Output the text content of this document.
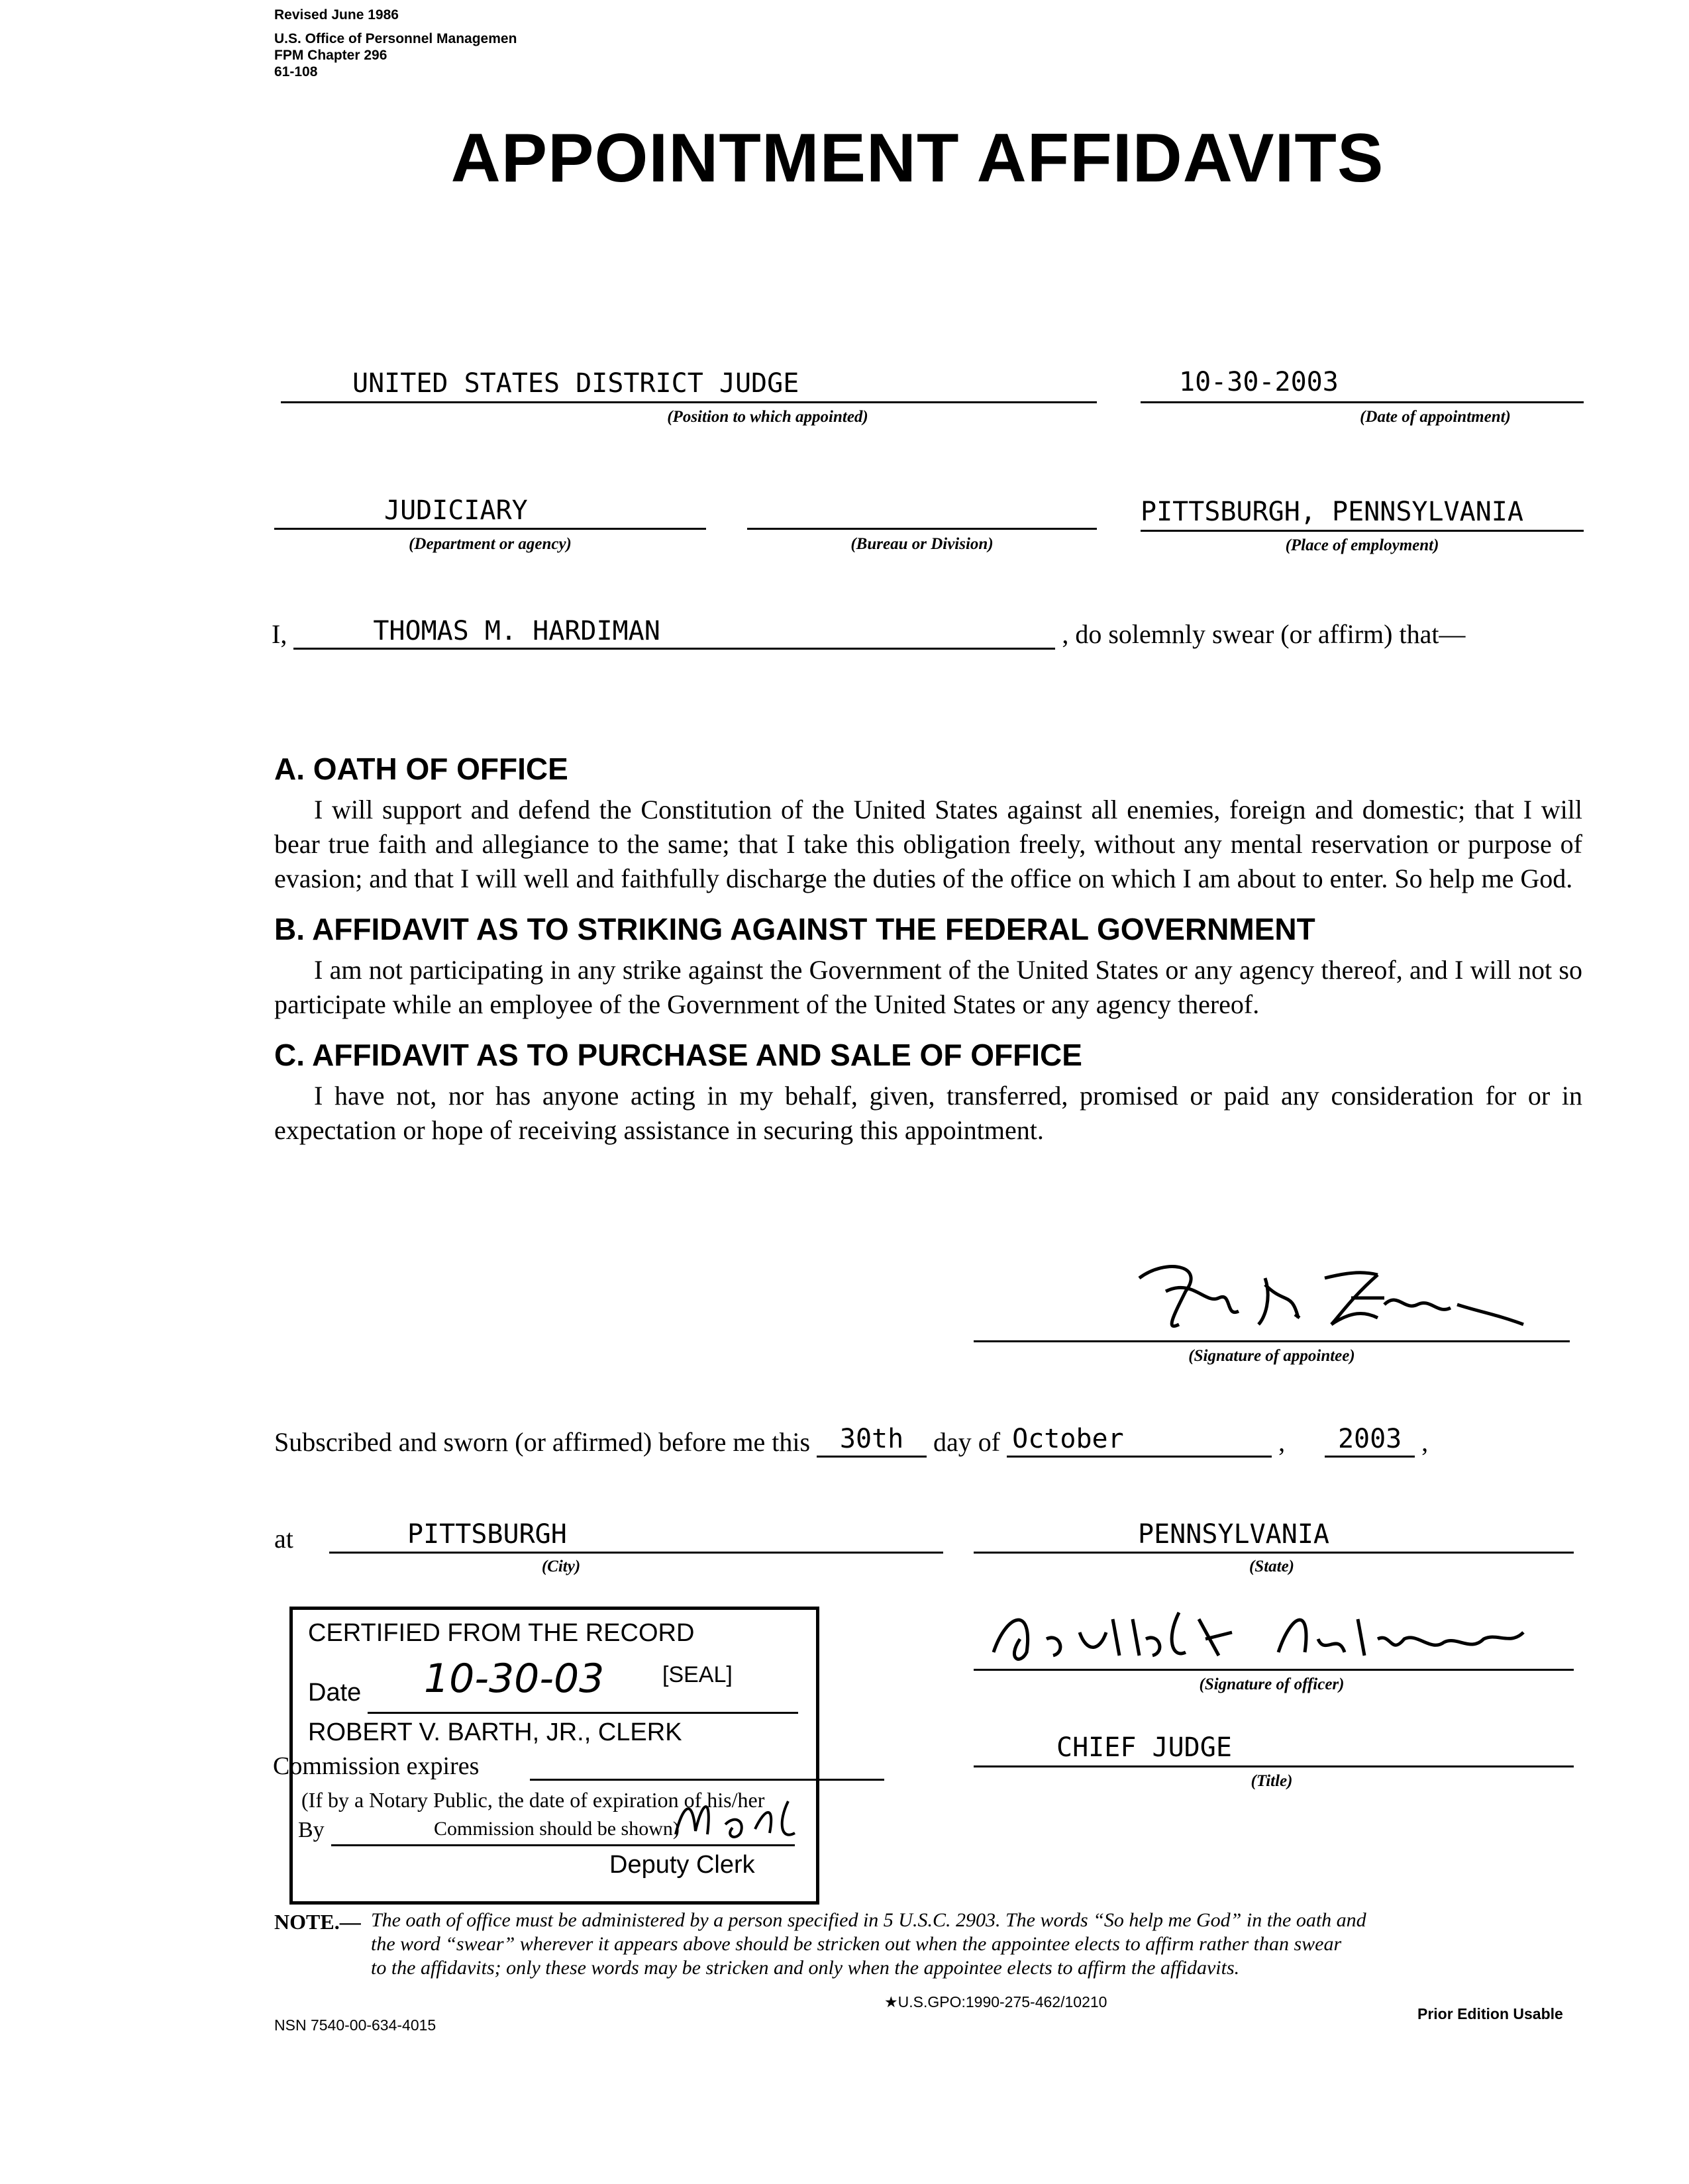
Revised June 1986
U.S. Office of Personnel Managemen
FPM Chapter 296
61-108
APPOINTMENT AFFIDAVITS
UNITED STATES DISTRICT JUDGE
(Position to which appointed)
10-30-2003
(Date of appointment)
JUDICIARY
(Department or agency)	(Bureau or Division)
PITTSBURGH, PENNSYLVANIA
(Place of employment)
I,	THOMAS M. HARDIMAN	, do solemnly swear (or affirm) that—
A. OATH OF OFFICE
I will support and defend the Constitution of the United States against all enemies, foreign and domestic; that I will bear true faith and allegiance to the same; that I take this obligation freely, without any mental reservation or purpose of evasion; and that I will well and faithfully discharge the duties of the office on which I am about to enter. So help me God.
B. AFFIDAVIT AS TO STRIKING AGAINST THE FEDERAL GOVERNMENT
I am not participating in any strike against the Government of the United States or any agency thereof, and I will not so participate while an employee of the Government of the United States or any agency thereof.
C. AFFIDAVIT AS TO PURCHASE AND SALE OF OFFICE
I have not, nor has anyone acting in my behalf, given, transferred, promised or paid any consideration for or in expectation or hope of receiving assistance in securing this appointment.
(Signature of appointee)
Subscribed and sworn (or affirmed) before me this	30th	day of October	,	2003 ,
at	PITTSBURGH
(City)
PENNSYLVANIA
(State)
CERTIFIED FROM THE RECORD
Date 10-30-03	[SEAL]
ROBERT V. BARTH, JR., CLERK
Commission expires
(If by a Notary Public, the date of expiration of his/her
By	Commission should be shown)
Deputy Clerk
(Signature of officer)
CHIEF JUDGE
(Title)
NOTE.— The oath of office must be administered by a person specified in 5 U.S.C. 2903. The words “So help me God” in the oath and
the word “swear” wherever it appears above should be stricken out when the appointee elects to affirm rather than swear
to the affidavits; only these words may be stricken and only when the appointee elects to affirm the affidavits.
★U.S.GPO:1990-275-462/10210
NSN 7540-00-634-4015
Prior Edition Usable
